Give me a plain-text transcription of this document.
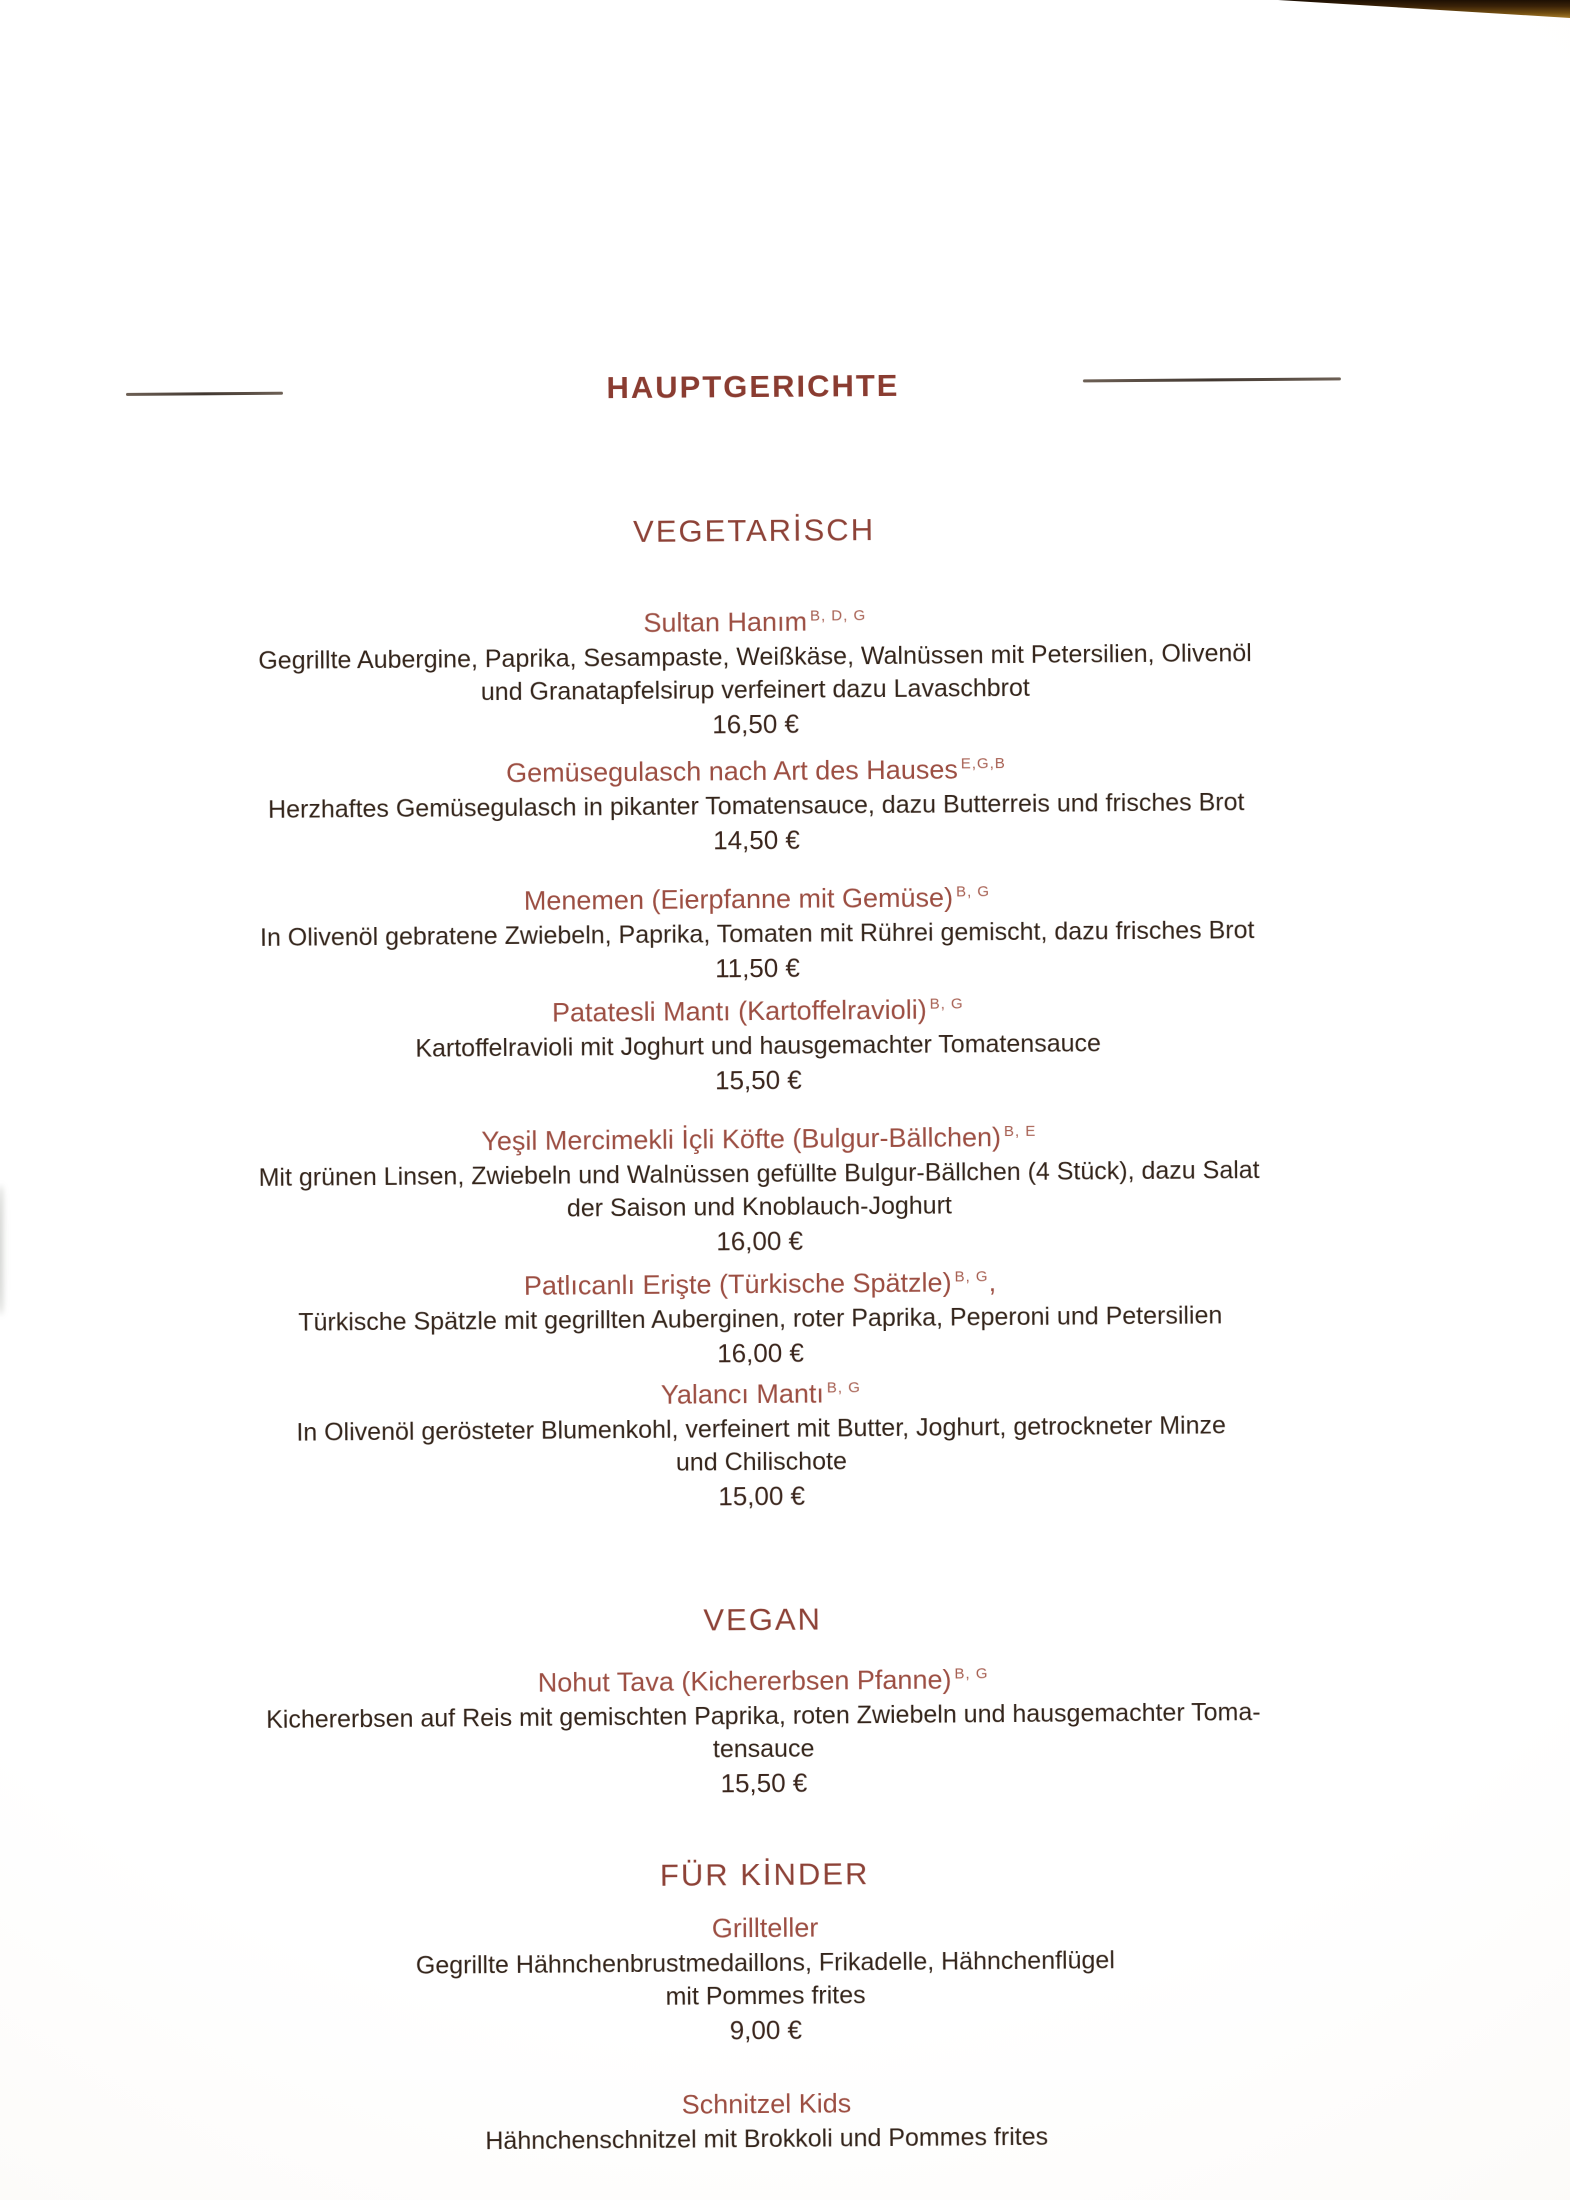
HAUPTGERICHTE
VEGETARİSCH
Sultan Hanım $^{B, D, G}$
Gegrillte Aubergine, Paprika, Sesampaste, Weißkäse, Walnüssen mit Petersilien, Olivenöl
und Granatapfelsirup verfeinert dazu Lavaschbrot
16,50 €
Gemüsegulasch nach Art des Hauses $^{E,G,B}$
Herzhaftes Gemüsegulasch in pikanter Tomatensauce, dazu Butterreis und frisches Brot
14,50 €
Menemen (Eierpfanne mit Gemüse) $^{B, G}$
In Olivenöl gebratene Zwiebeln, Paprika, Tomaten mit Rührei gemischt, dazu frisches Brot
11,50 €
Patatesli Mantı (Kartoffelravioli) $^{B, G}$
Kartoffelravioli mit Joghurt und hausgemachter Tomatensauce
15,50 €
Yeşil Mercimekli İçli Köfte (Bulgur-Bällchen) $^{B, E}$
Mit grünen Linsen, Zwiebeln und Walnüssen gefüllte Bulgur-Bällchen (4 Stück), dazu Salat
der Saison und Knoblauch-Joghurt
16,00 €
Patlıcanlı Erişte (Türkische Spätzle) $^{B, G}$,
Türkische Spätzle mit gegrillten Auberginen, roter Paprika, Peperoni und Petersilien
16,00 €
Yalancı Mantı $^{B, G}$
In Olivenöl gerösteter Blumenkohl, verfeinert mit Butter, Joghurt, getrockneter Minze
und Chilischote
15,00 €
VEGAN
Nohut Tava (Kichererbsen Pfanne) $^{B, G}$
Kichererbsen auf Reis mit gemischten Paprika, roten Zwiebeln und hausgemachter Toma-
tensauce
15,50 €
FÜR KİNDER
Grillteller
Gegrillte Hähnchenbrustmedaillons, Frikadelle, Hähnchenflügel
mit Pommes frites
9,00 €
Schnitzel Kids
Hähnchenschnitzel mit Brokkoli und Pommes frites
